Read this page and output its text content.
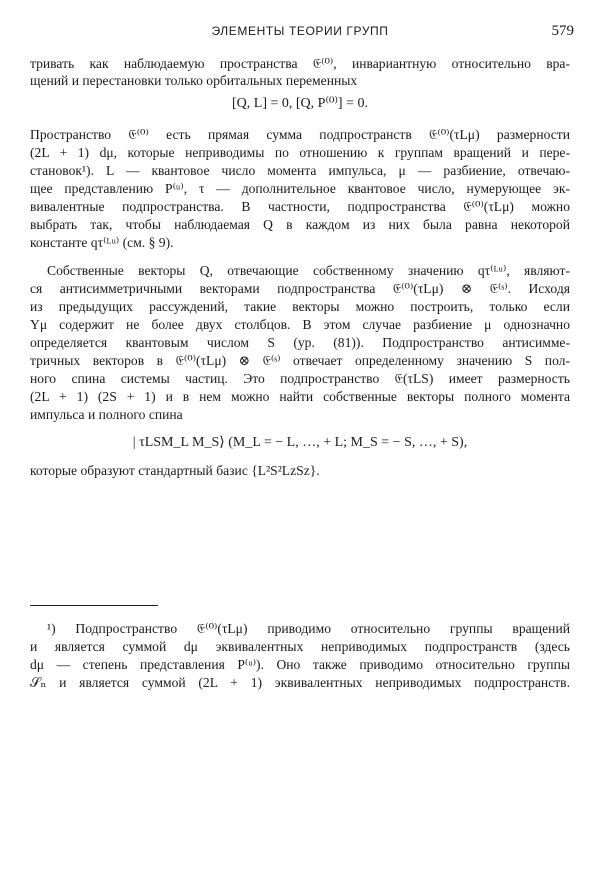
ЭЛЕМЕНТЫ ТЕОРИИ ГРУПП	579
тривать как наблюдаемую пространства 𝔈⁽⁰⁾, инвариантную относительно вра-
щений и перестановки только орбитальных переменных
[Q, L] = 0, [Q, P⁽⁰⁾] = 0.
Пространство 𝔈⁽⁰⁾ есть прямая сумма подпространств 𝔈⁽⁰⁾(τLμ) размерности
(2L + 1) dμ, которые неприводимы по отношению к группам вращений и пере-
становок¹). L — квантовое число момента импульса, μ — разбиение, отвечаю-
щее представлению P⁽ᵘ⁾, τ — дополнительное квантовое число, нумерующее эк-
вивалентные подпространства. В частности, подпространства 𝔈⁽⁰⁾(τLμ) можно
выбрать так, чтобы наблюдаемая Q в каждом из них была равна некоторой
константе qτ⁽ᴸᵘ⁾ (см. § 9).
Собственные векторы Q, отвечающие собственному значению qτ⁽ᴸᵘ⁾, являют-
ся антисимметричными векторами подпространства 𝔈⁽⁰⁾(τLμ) ⊗ 𝔈⁽ˢ⁾. Исходя
из предыдущих рассуждений, такие векторы можно построить, только если
Yμ содержит не более двух столбцов. В этом случае разбиение μ однозначно
определяется квантовым числом S (ур. (81)). Подпространство антисимме-
тричных векторов в 𝔈⁽⁰⁾(τLμ) ⊗ 𝔈⁽ˢ⁾ отвечает определенному значению S пол-
ного спина системы частиц. Это подпространство 𝔈(τLS) имеет размерность
(2L + 1) (2S + 1) и в нем можно найти собственные векторы полного момента
импульса и полного спина
| τLSM_L M_S⟩ (M_L = − L, …, + L; M_S = − S, …, + S),
которые образуют стандартный базис {L²S²LzSz}.
¹) Подпространство 𝔈⁽⁰⁾(τLμ) приводимо относительно группы вращений
и является суммой dμ эквивалентных неприводимых подпространств (здесь
dμ — степень представления P⁽ᵘ⁾). Оно также приводимо относительно группы
𝒮ₙ и является суммой (2L + 1) эквивалентных неприводимых подпространств.
